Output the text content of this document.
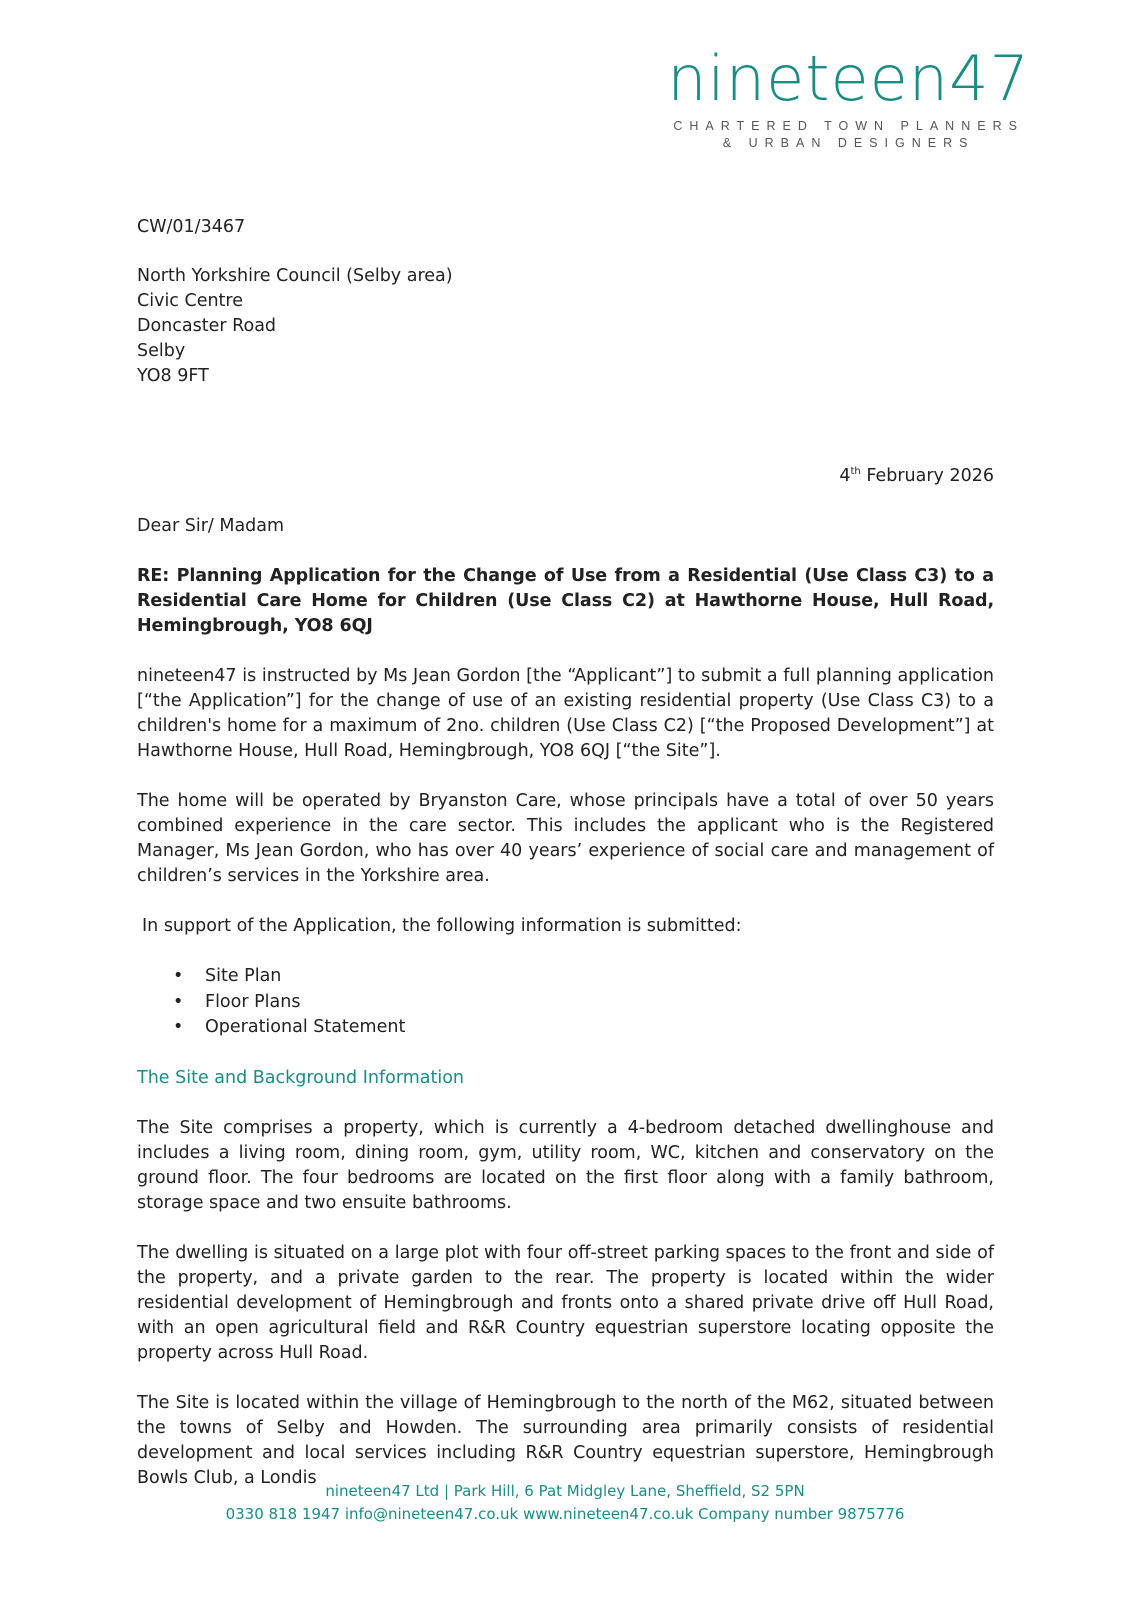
nineteen47
CHARTERED TOWN PLANNERS
& URBAN DESIGNERS

CW/01/3467

North Yorkshire Council (Selby area)
Civic Centre
Doncaster Road
Selby
YO8 9FT

4th February 2026

Dear Sir/ Madam

RE: Planning Application for the Change of Use from a Residential (Use Class C3) to a Residential Care Home for Children (Use Class C2) at Hawthorne House, Hull Road, Hemingbrough, YO8 6QJ

nineteen47 is instructed by Ms Jean Gordon [the “Applicant”] to submit a full planning application [“the Application”] for the change of use of an existing residential property (Use Class C3) to a children's home for a maximum of 2no. children (Use Class C2) [“the Proposed Development”] at Hawthorne House, Hull Road, Hemingbrough, YO8 6QJ [“the Site”].

The home will be operated by Bryanston Care, whose principals have a total of over 50 years combined experience in the care sector. This includes the applicant who is the Registered Manager, Ms Jean Gordon, who has over 40 years’ experience of social care and management of children’s services in the Yorkshire area.

In support of the Application, the following information is submitted:

• Site Plan
• Floor Plans
• Operational Statement

The Site and Background Information

The Site comprises a property, which is currently a 4-bedroom detached dwellinghouse and includes a living room, dining room, gym, utility room, WC, kitchen and conservatory on the ground floor. The four bedrooms are located on the first floor along with a family bathroom, storage space and two ensuite bathrooms.

The dwelling is situated on a large plot with four off-street parking spaces to the front and side of the property, and a private garden to the rear. The property is located within the wider residential development of Hemingbrough and fronts onto a shared private drive off Hull Road, with an open agricultural field and R&R Country equestrian superstore locating opposite the property across Hull Road.

The Site is located within the village of Hemingbrough to the north of the M62, situated between the towns of Selby and Howden. The surrounding area primarily consists of residential development and local services including R&R Country equestrian superstore, Hemingbrough Bowls Club, a Londis

nineteen47 Ltd | Park Hill, 6 Pat Midgley Lane, Sheffield, S2 5PN
0330 818 1947 info@nineteen47.co.uk www.nineteen47.co.uk Company number 9875776
